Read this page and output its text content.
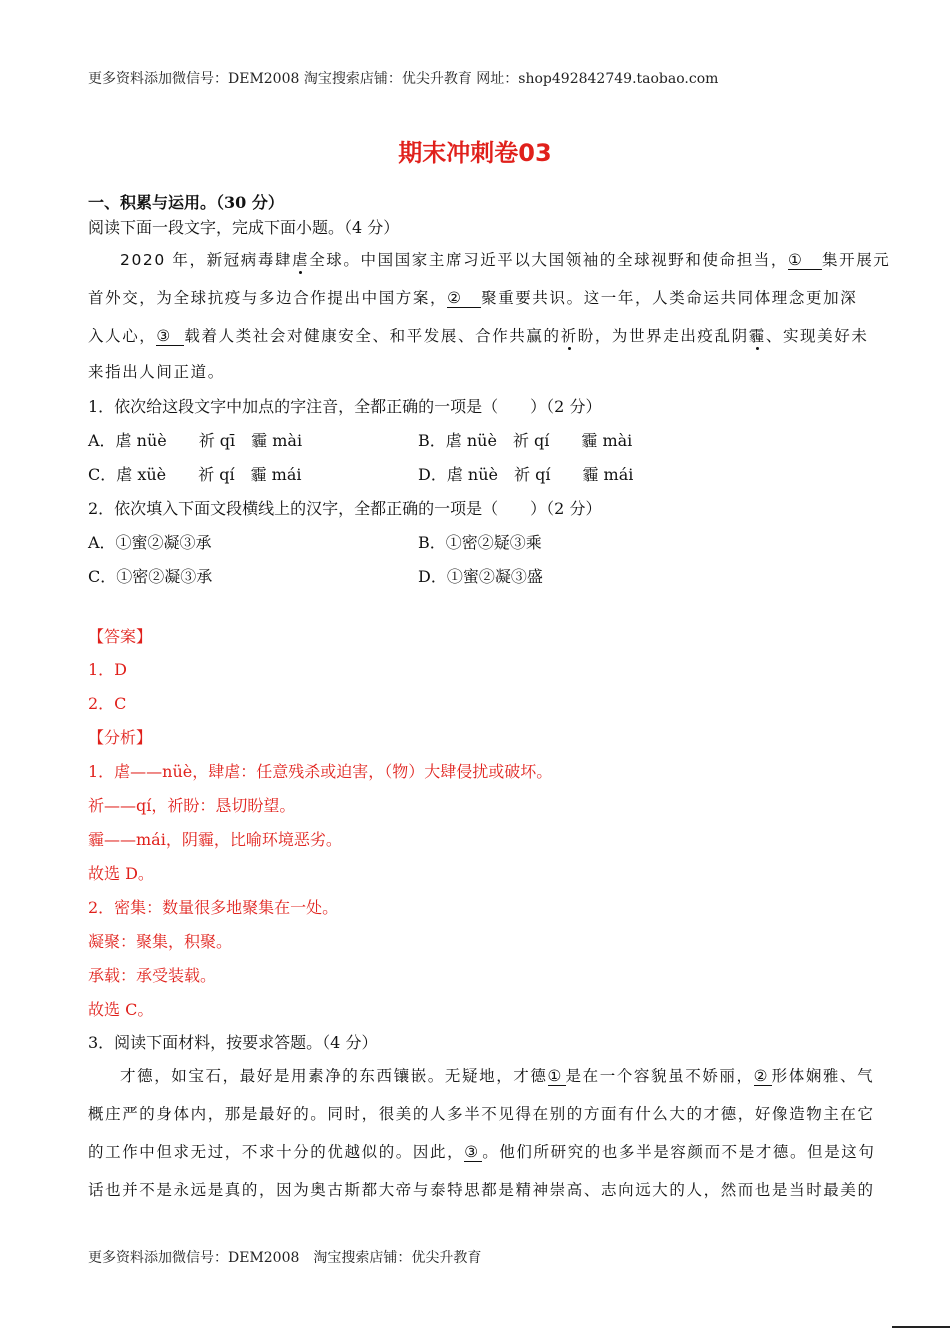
更多资料添加微信号：DEM2008 淘宝搜索店铺：优尖升教育 网址：shop492842749.taobao.com
期末冲刺卷03
一、积累与运用。（30 分）
阅读下面一段文字，完成下面小题。（4 分）
2020 年，新冠病毒肆虐全球。中国国家主席习近平以大国领袖的全球视野和使命担当，① 集开展元
首外交，为全球抗疫与多边合作提出中国方案，② 聚重要共识。这一年，人类命运共同体理念更加深
入人心，③ 载着人类社会对健康安全、和平发展、合作共赢的祈盼，为世界走出疫乱阴霾、实现美好未
来指出人间正道。
1．依次给这段文字中加点的字注音，全都正确的一项是（　　）（2 分）
A．虐 nüè　　祈 qī　霾 mài	B．虐 nüè　祈 qí　　霾 mài
C．虐 xüè　　祈 qí　霾 mái	D．虐 nüè　祈 qí　　霾 mái
2．依次填入下面文段横线上的汉字，全都正确的一项是（　　）（2 分）
A．①蜜②凝③承	B．①密②疑③乘
C．①密②凝③承	D．①蜜②凝③盛
【答案】
1．D
2．C
【分析】
1．虐——nüè，肆虐：任意残杀或迫害，（物）大肆侵扰或破坏。
祈——qí，祈盼：恳切盼望。
霾——mái，阴霾，比喻环境恶劣。
故选 D。
2．密集：数量很多地聚集在一处。
凝聚：聚集，积聚。
承载：承受装载。
故选 C。
3．阅读下面材料，按要求答题。（4 分）
才德，如宝石，最好是用素净的东西镶嵌。无疑地，才德① 是在一个容貌虽不娇丽，② 形体娴雅、气
概庄严的身体内，那是最好的。同时，很美的人多半不见得在别的方面有什么大的才德，好像造物主在它
的工作中但求无过，不求十分的优越似的。因此，③ 。他们所研究的也多半是容颜而不是才德。但是这句
话也并不是永远是真的，因为奥古斯都大帝与泰特思都是精神崇高、志向远大的人，然而也是当时最美的
更多资料添加微信号：DEM2008　淘宝搜索店铺：优尖升教育
